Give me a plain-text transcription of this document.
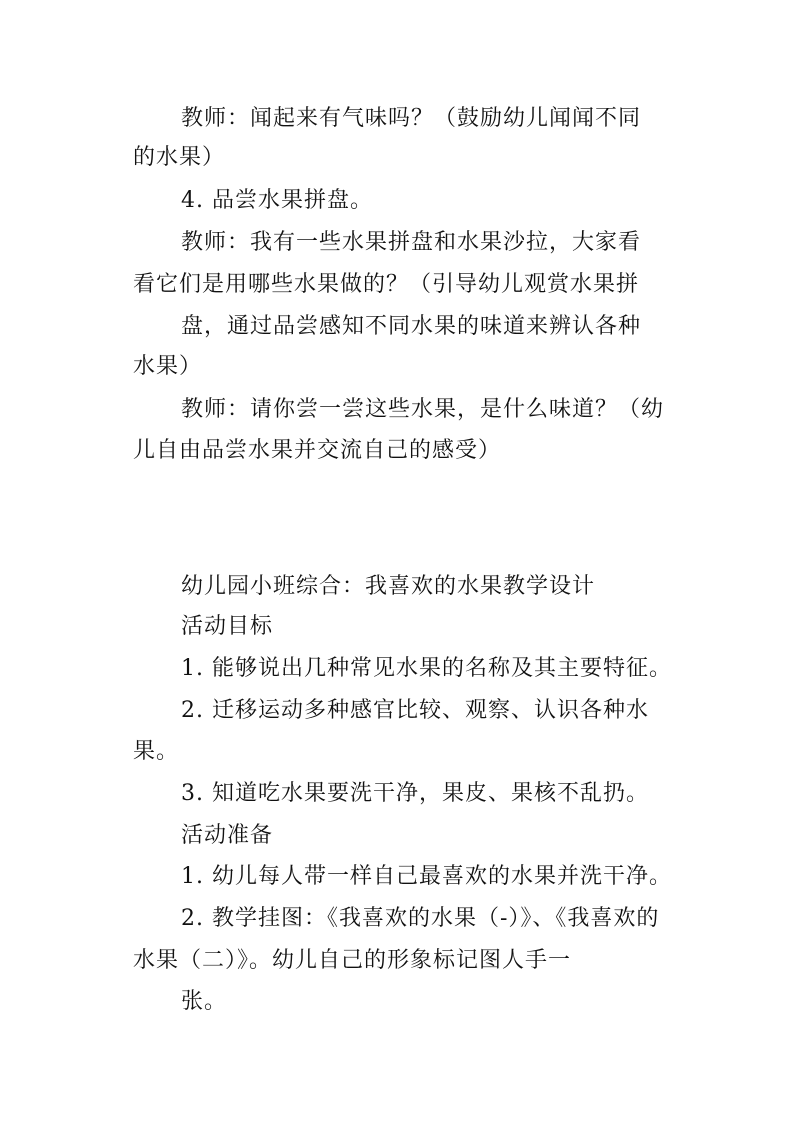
教师：闻起来有气味吗？（鼓励幼儿闻闻不同
的水果）
4. 品尝水果拼盘。
教师：我有一些水果拼盘和水果沙拉，大家看
看它们是用哪些水果做的？（引导幼儿观赏水果拼
盘，通过品尝感知不同水果的味道来辨认各种
水果）
教师：请你尝一尝这些水果，是什么味道？（幼
儿自由品尝水果并交流自己的感受）
幼儿园小班综合：我喜欢的水果教学设计
活动目标
1. 能够说出几种常见水果的名称及其主要特征。
2. 迁移运动多种感官比较、观察、认识各种水
果。
3. 知道吃水果要洗干净，果皮、果核不乱扔。
活动准备
1. 幼儿每人带一样自己最喜欢的水果并洗干净。
2. 教学挂图：《我喜欢的水果（-）》、《我喜欢的
水果（二）》。幼儿自己的形象标记图人手一
张。
